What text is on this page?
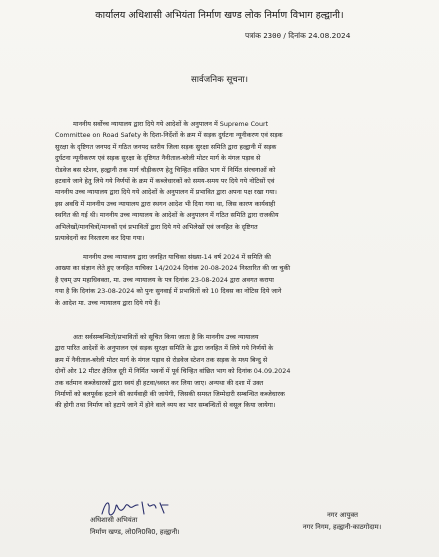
कार्यालय अधिशासी अभियंता निर्माण खण्ड लोक निर्माण विभाग हल्द्वानी।
पत्रांक 2300 / दिनांक 24.08.2024
सार्वजनिक सूचना।
माननीय सर्वोच्च न्यायालय द्वारा दिये गये आदेशों के अनुपालन में Supreme Court
Committee on Road Safety के दिशा-निर्देशों के क्रम में सड़क दुर्घटना न्यूनीकरण एवं सड़क
सुरक्षा के दृष्टिगत जनपद में गठित जनपद स्तरीय जिला सड़क सुरक्षा समिति द्वारा हल्द्वानी में सड़क
दुर्घटना न्यूनीकरण एवं सड़क सुरक्षा के दृष्टिगत नैनीताल-बरेली मोटर मार्ग के मंगल पड़ाव से
रोडवेज बस स्टेशन, हल्द्वानी तक मार्ग चौड़ीकरण हेतु चिन्हित वांछित भाग में निर्मित संरचनाओं को
हटवाये जाने हेतु लिये गये निर्णयों के क्रम में कब्जेधारकों को समय-समय पर दिये गये नोटिसों एवं
माननीय उच्च न्यायालय द्वारा दिये गये आदेशों के अनुपालन में प्रभावित द्वारा अपना पक्ष रखा गया।
इस अवधि में माननीय उच्च न्यायालय द्वारा स्थगन आदेश भी दिया गया था, जिस कारण कार्यवाही
स्थगित की गई थी। माननीय उच्च न्यायालय के आदेशों के अनुपालन में गठित समिति द्वारा राजकीय
अभिलेखों/मानचित्रों/मानकों एवं प्रभावितों द्वारा दिये गये अभिलेखों एवं जनहित के दृष्टिगत
प्रत्यावेदनों का निस्तारण कर दिया गया।
माननीय उच्च न्यायालय द्वारा जनहित याचिका संख्या-14 वर्ष 2024 में समिति की
आख्या का संज्ञान लेते हुए जनहित याचिका 14/2024 दिनांक 20-08-2024 निस्तारित की जा चुकी
है एवम् उप महाधिवक्ता, मा. उच्च न्यायालय के पत्र दिनांक 23-08-2024 द्वारा अवगत कराया
गया है कि दिनांक 23-08-2024 को पुनः सुनवाई में प्रभावितों को 10 दिवस का नोटिस दिये जाने
के आदेश मा. उच्च न्यायालय द्वारा दिये गये हैं।
अतः सर्वसम्बन्धितों/प्रभावितों को सूचित किया जाता है कि माननीय उच्च न्यायालय
द्वारा पारित आदेशों के अनुपालन एवं सड़क सुरक्षा समिति के द्वारा जनहित में लिये गये निर्णयों के
क्रम में नैनीताल-बरेली मोटर मार्ग के मंगल पड़ाव से रोडवेज स्टेशन तक सड़क के मध्य बिन्दु से
दोनों ओर 12 मीटर क्षैतिज दूरी में निर्मित भवनों में पूर्व चिन्हित वांछित भाग को दिनांक 04.09.2024
तक वर्तमान कब्जेधारकों द्वारा स्वयं ही हटवा/ध्वस्त कर लिया जाए। अन्यथा की दशा में उक्त
निर्माणों को बलपूर्वक हटाने की कार्यवाही की जायेगी, जिसकी समस्त जिम्मेदारी सम्बन्धित कब्जेधारक
की होगी तथा निर्माण को हटाये जाने में होने वाले व्यय का भार सम्बन्धितों से वसूल किया जायेगा।
अधिशासी अभियंता
निर्माण खण्ड, लो0नि0वि0, हल्द्वानी।
नगर आयुक्त
नगर निगम, हल्द्वानी-काठगोदाम।
